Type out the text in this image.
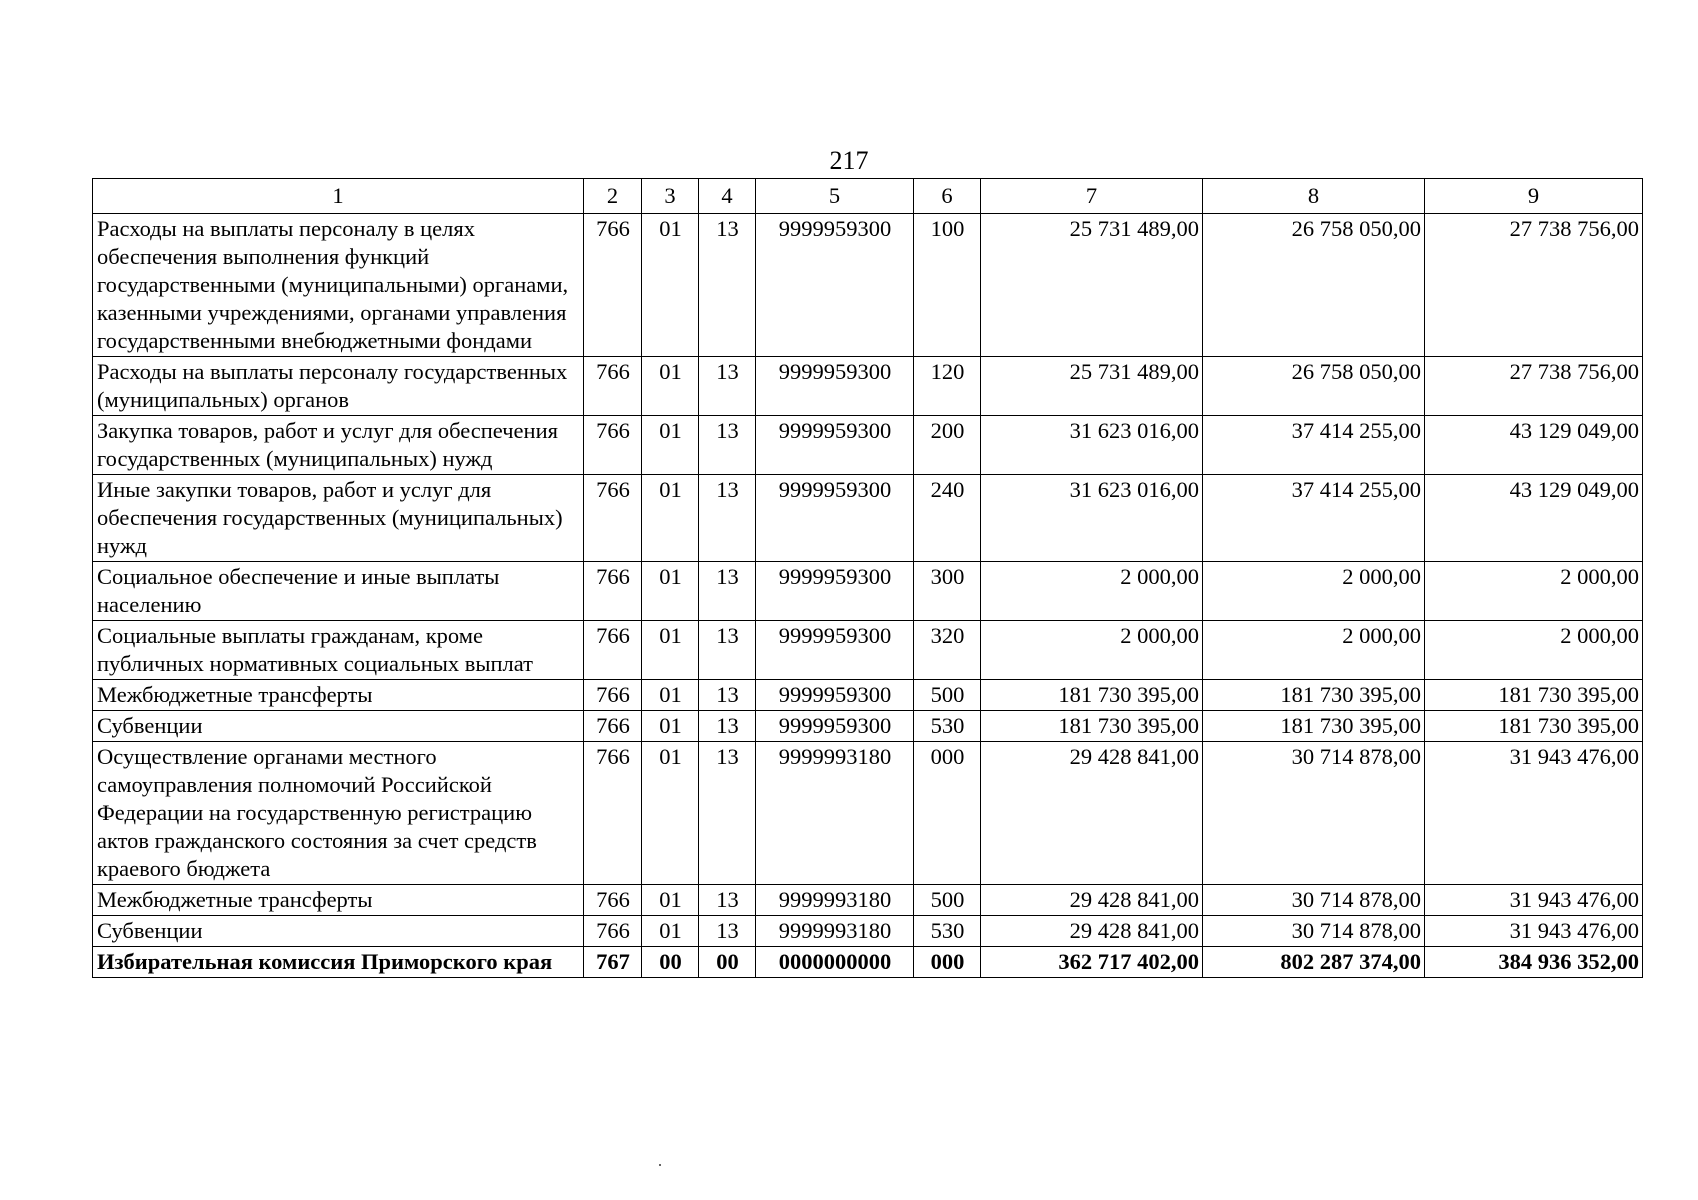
217
1	2	3	4	5	6	7	8	9
Расходы на выплаты персоналу в целях обеспечения выполнения функций государственными (муниципальными) органами, казенными учреждениями, органами управления государственными внебюджетными фондами	766	01	13	9999959300	100	25 731 489,00	26 758 050,00	27 738 756,00
Расходы на выплаты персоналу государственных (муниципальных) органов	766	01	13	9999959300	120	25 731 489,00	26 758 050,00	27 738 756,00
Закупка товаров, работ и услуг для обеспечения государственных (муниципальных) нужд	766	01	13	9999959300	200	31 623 016,00	37 414 255,00	43 129 049,00
Иные закупки товаров, работ и услуг для обеспечения государственных (муниципальных) нужд	766	01	13	9999959300	240	31 623 016,00	37 414 255,00	43 129 049,00
Социальное обеспечение и иные выплаты населению	766	01	13	9999959300	300	2 000,00	2 000,00	2 000,00
Социальные выплаты гражданам, кроме публичных нормативных социальных выплат	766	01	13	9999959300	320	2 000,00	2 000,00	2 000,00
Межбюджетные трансферты	766	01	13	9999959300	500	181 730 395,00	181 730 395,00	181 730 395,00
Субвенции	766	01	13	9999959300	530	181 730 395,00	181 730 395,00	181 730 395,00
Осуществление органами местного самоуправления полномочий Российской Федерации на государственную регистрацию актов гражданского состояния за счет средств краевого бюджета	766	01	13	9999993180	000	29 428 841,00	30 714 878,00	31 943 476,00
Межбюджетные трансферты	766	01	13	9999993180	500	29 428 841,00	30 714 878,00	31 943 476,00
Субвенции	766	01	13	9999993180	530	29 428 841,00	30 714 878,00	31 943 476,00
Избирательная комиссия Приморского края	767	00	00	0000000000	000	362 717 402,00	802 287 374,00	384 936 352,00
